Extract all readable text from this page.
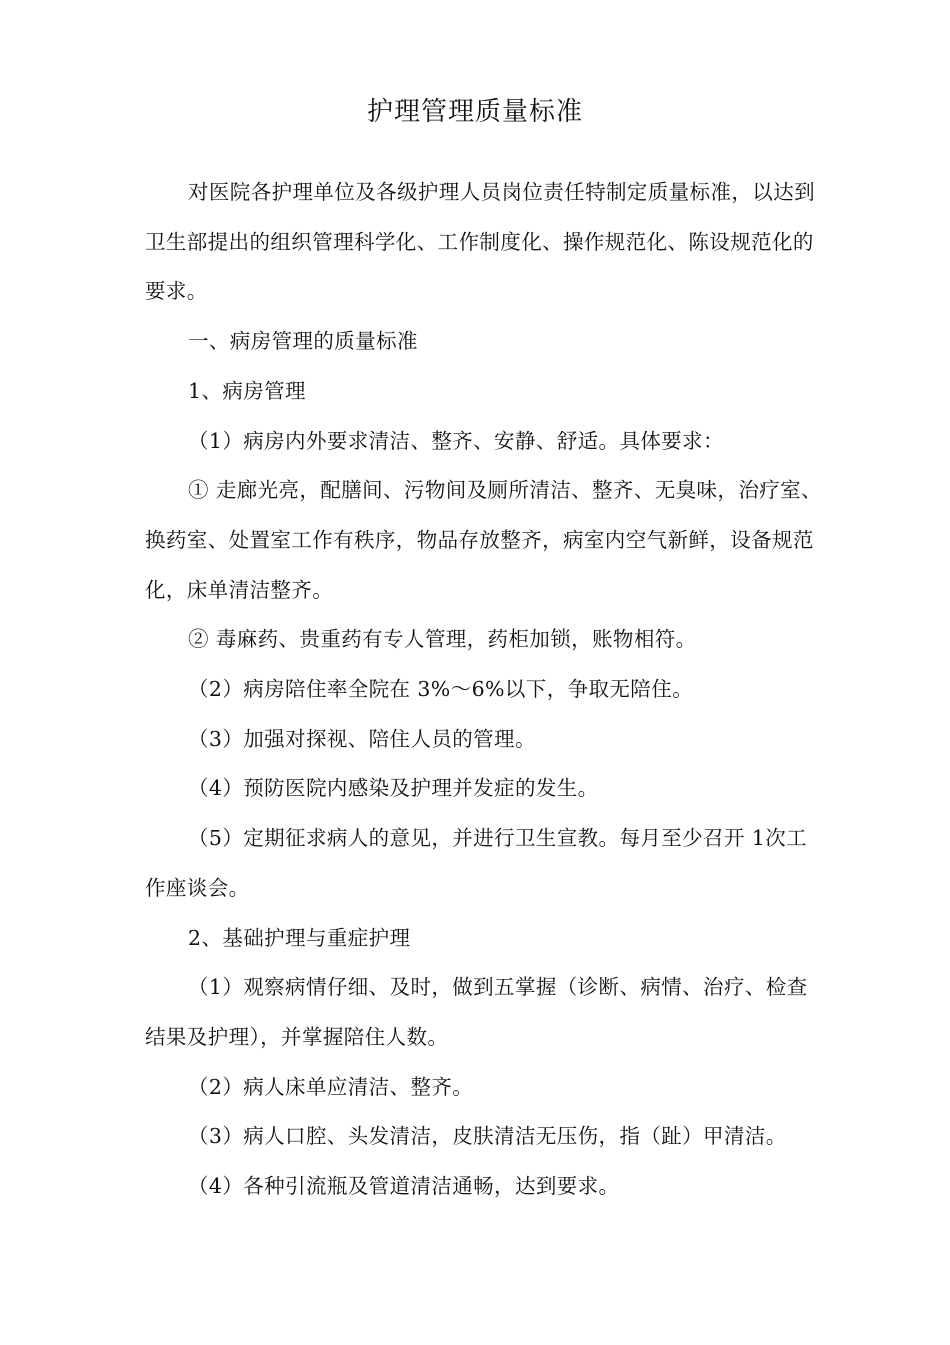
护理管理质量标准

对医院各护理单位及各级护理人员岗位责任特制定质量标准，以达到卫生部提出的组织管理科学化、工作制度化、操作规范化、陈设规范化的要求。

一、病房管理的质量标准

1、病房管理

（1）病房内外要求清洁、整齐、安静、舒适。具体要求：

① 走廊光亮，配膳间、污物间及厕所清洁、整齐、无臭味，治疗室、换药室、处置室工作有秩序，物品存放整齐，病室内空气新鲜，设备规范化，床单清洁整齐。

② 毒麻药、贵重药有专人管理，药柜加锁，账物相符。

（2）病房陪住率全院在 3%～6%以下，争取无陪住。

（3）加强对探视、陪住人员的管理。

（4）预防医院内感染及护理并发症的发生。

（5）定期征求病人的意见，并进行卫生宣教。每月至少召开 1次工作座谈会。

2、基础护理与重症护理

（1）观察病情仔细、及时，做到五掌握（诊断、病情、治疗、检查结果及护理），并掌握陪住人数。

（2）病人床单应清洁、整齐。

（3）病人口腔、头发清洁，皮肤清洁无压伤，指（趾）甲清洁。

（4）各种引流瓶及管道清洁通畅，达到要求。
